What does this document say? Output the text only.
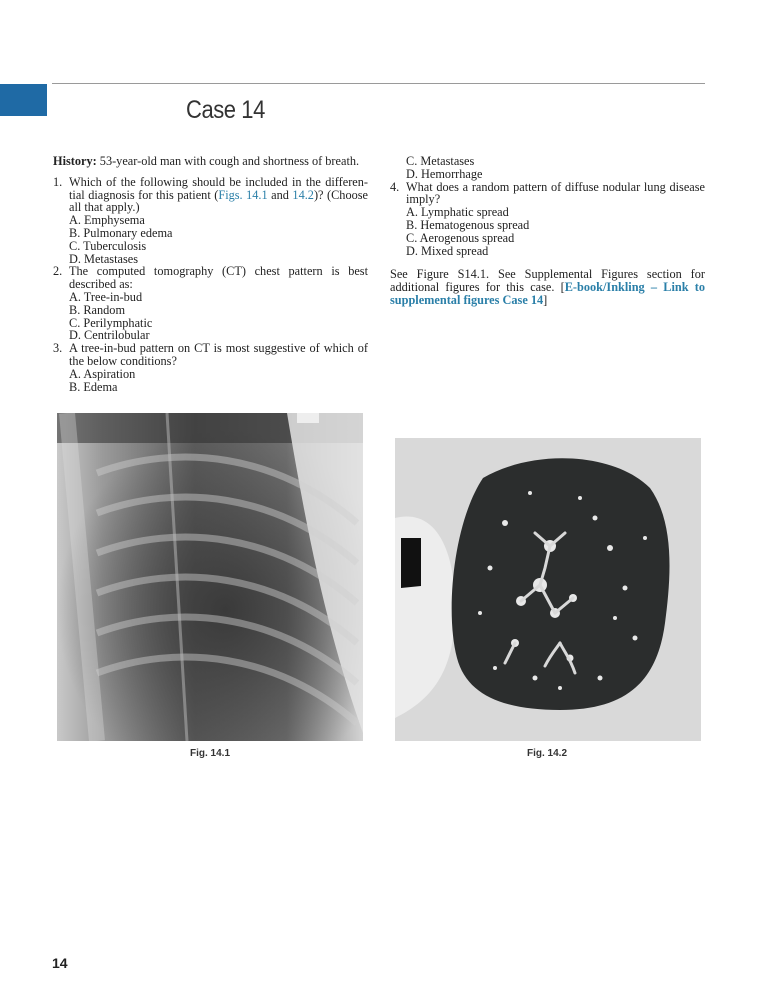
Case 14
History: 53-year-old man with cough and shortness of breath.
1. Which of the following should be included in the differen-tial diagnosis for this patient (Figs. 14.1 and 14.2)? (Choose all that apply.)
A. Emphysema
B. Pulmonary edema
C. Tuberculosis
D. Metastases
2. The computed tomography (CT) chest pattern is best described as:
A. Tree-in-bud
B. Random
C. Perilymphatic
D. Centrilobular
3. A tree-in-bud pattern on CT is most suggestive of which of the below conditions?
A. Aspiration
B. Edema
C. Metastases
D. Hemorrhage
4. What does a random pattern of diffuse nodular lung disease imply?
A. Lymphatic spread
B. Hematogenous spread
C. Aerogenous spread
D. Mixed spread
See Figure S14.1. See Supplemental Figures section for additional figures for this case. [E-book/Inkling – Link to supplemental figures Case 14]
Fig. 14.1	Fig. 14.2
14
